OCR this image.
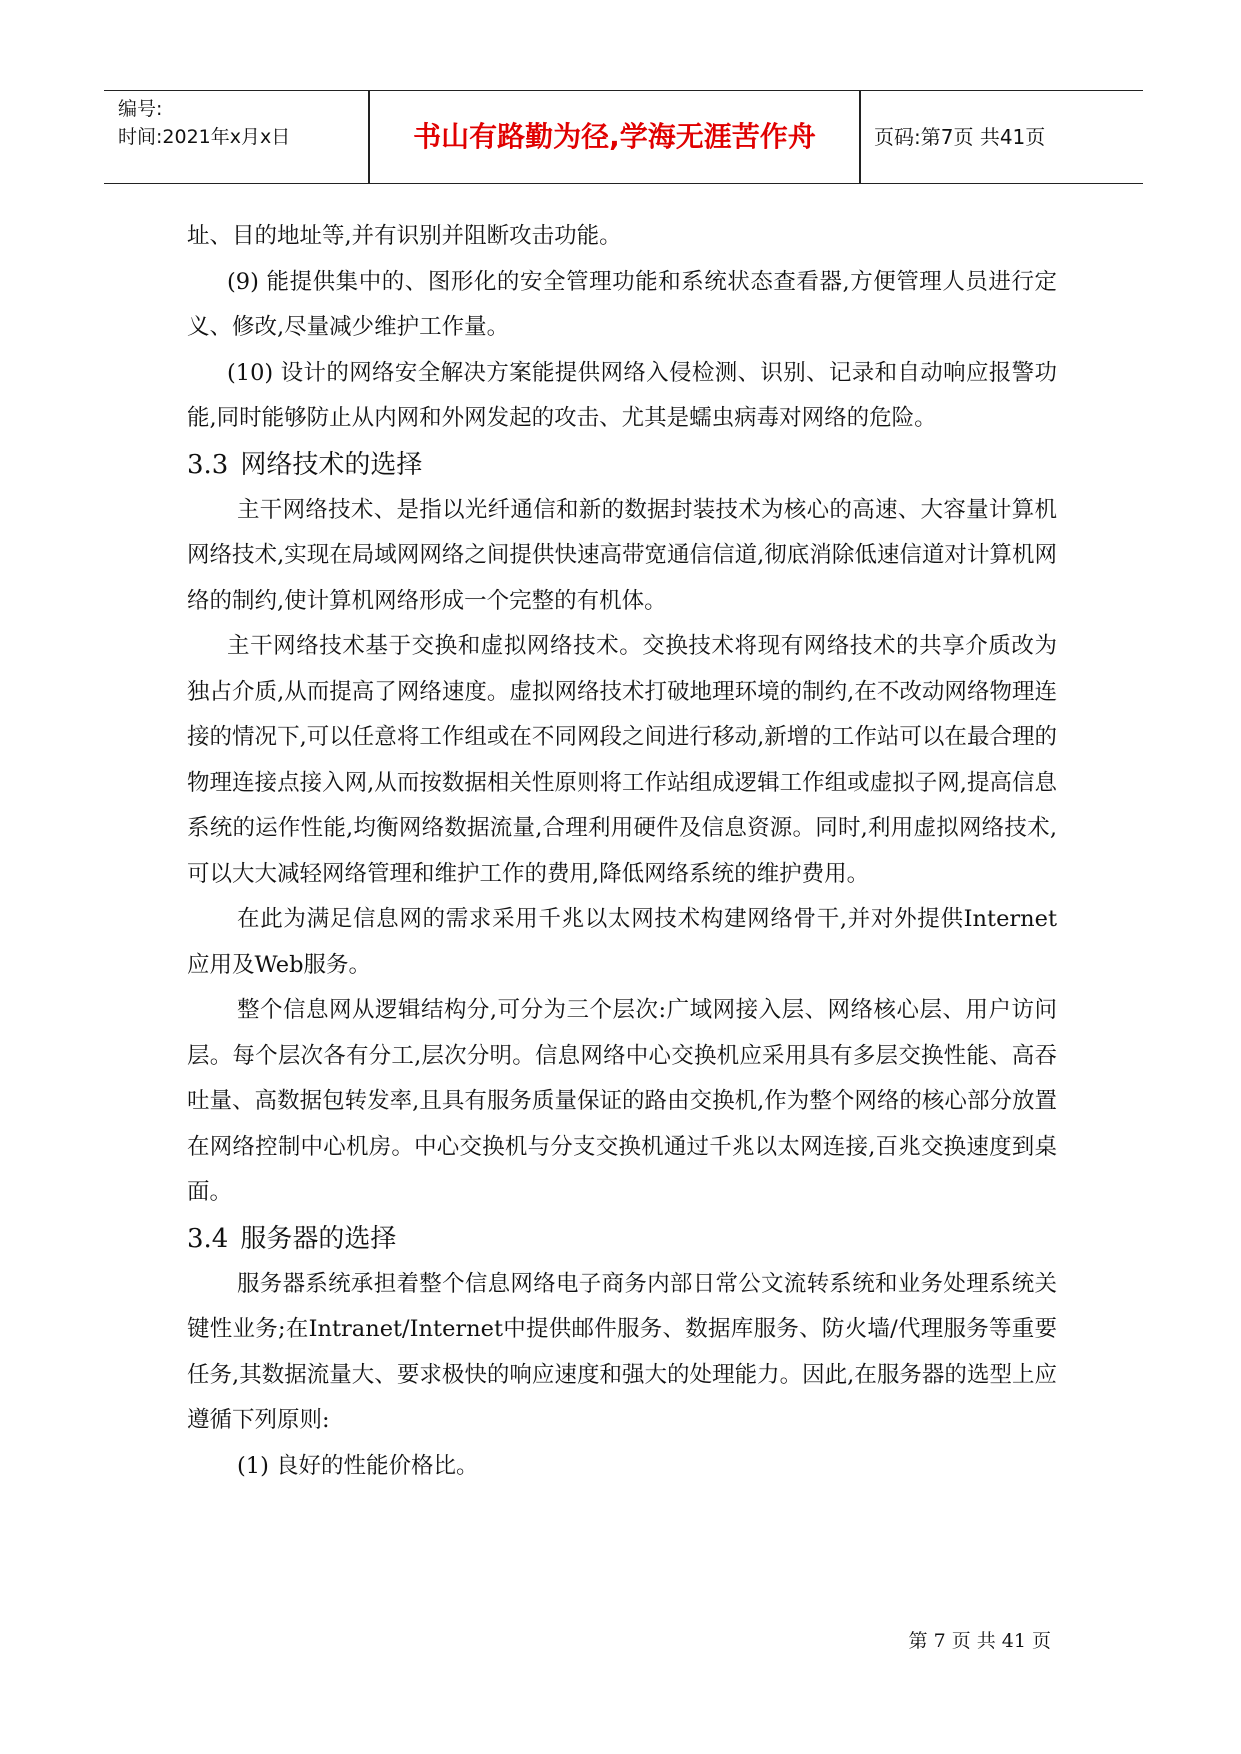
编号:
时间:2021年x月x日	书山有路勤为径,学海无涯苦作舟	页码:第7页 共41页

址、目的地址等,并有识别并阻断攻击功能。

(9) 能提供集中的、图形化的安全管理功能和系统状态查看器,方便管理人员进行定义、修改,尽量减少维护工作量。

(10) 设计的网络安全解决方案能提供网络入侵检测、识别、记录和自动响应报警功能,同时能够防止从内网和外网发起的攻击、尤其是蠕虫病毒对网络的危险。

3.3 网络技术的选择

主干网络技术、是指以光纤通信和新的数据封装技术为核心的高速、大容量计算机网络技术,实现在局域网网络之间提供快速高带宽通信信道,彻底消除低速信道对计算机网络的制约,使计算机网络形成一个完整的有机体。

主干网络技术基于交换和虚拟网络技术。交换技术将现有网络技术的共享介质改为独占介质,从而提高了网络速度。虚拟网络技术打破地理环境的制约,在不改动网络物理连接的情况下,可以任意将工作组或在不同网段之间进行移动,新增的工作站可以在最合理的物理连接点接入网,从而按数据相关性原则将工作站组成逻辑工作组或虚拟子网,提高信息系统的运作性能,均衡网络数据流量,合理利用硬件及信息资源。同时,利用虚拟网络技术,可以大大减轻网络管理和维护工作的费用,降低网络系统的维护费用。

在此为满足信息网的需求采用千兆以太网技术构建网络骨干,并对外提供Internet应用及Web服务。

整个信息网从逻辑结构分,可分为三个层次:广域网接入层、网络核心层、用户访问层。每个层次各有分工,层次分明。信息网络中心交换机应采用具有多层交换性能、高吞吐量、高数据包转发率,且具有服务质量保证的路由交换机,作为整个网络的核心部分放置在网络控制中心机房。中心交换机与分支交换机通过千兆以太网连接,百兆交换速度到桌面。

3.4 服务器的选择

服务器系统承担着整个信息网络电子商务内部日常公文流转系统和业务处理系统关键性业务;在Intranet/Internet中提供邮件服务、数据库服务、防火墙/代理服务等重要任务,其数据流量大、要求极快的响应速度和强大的处理能力。因此,在服务器的选型上应遵循下列原则:

(1) 良好的性能价格比。

第 7 页 共 41 页
